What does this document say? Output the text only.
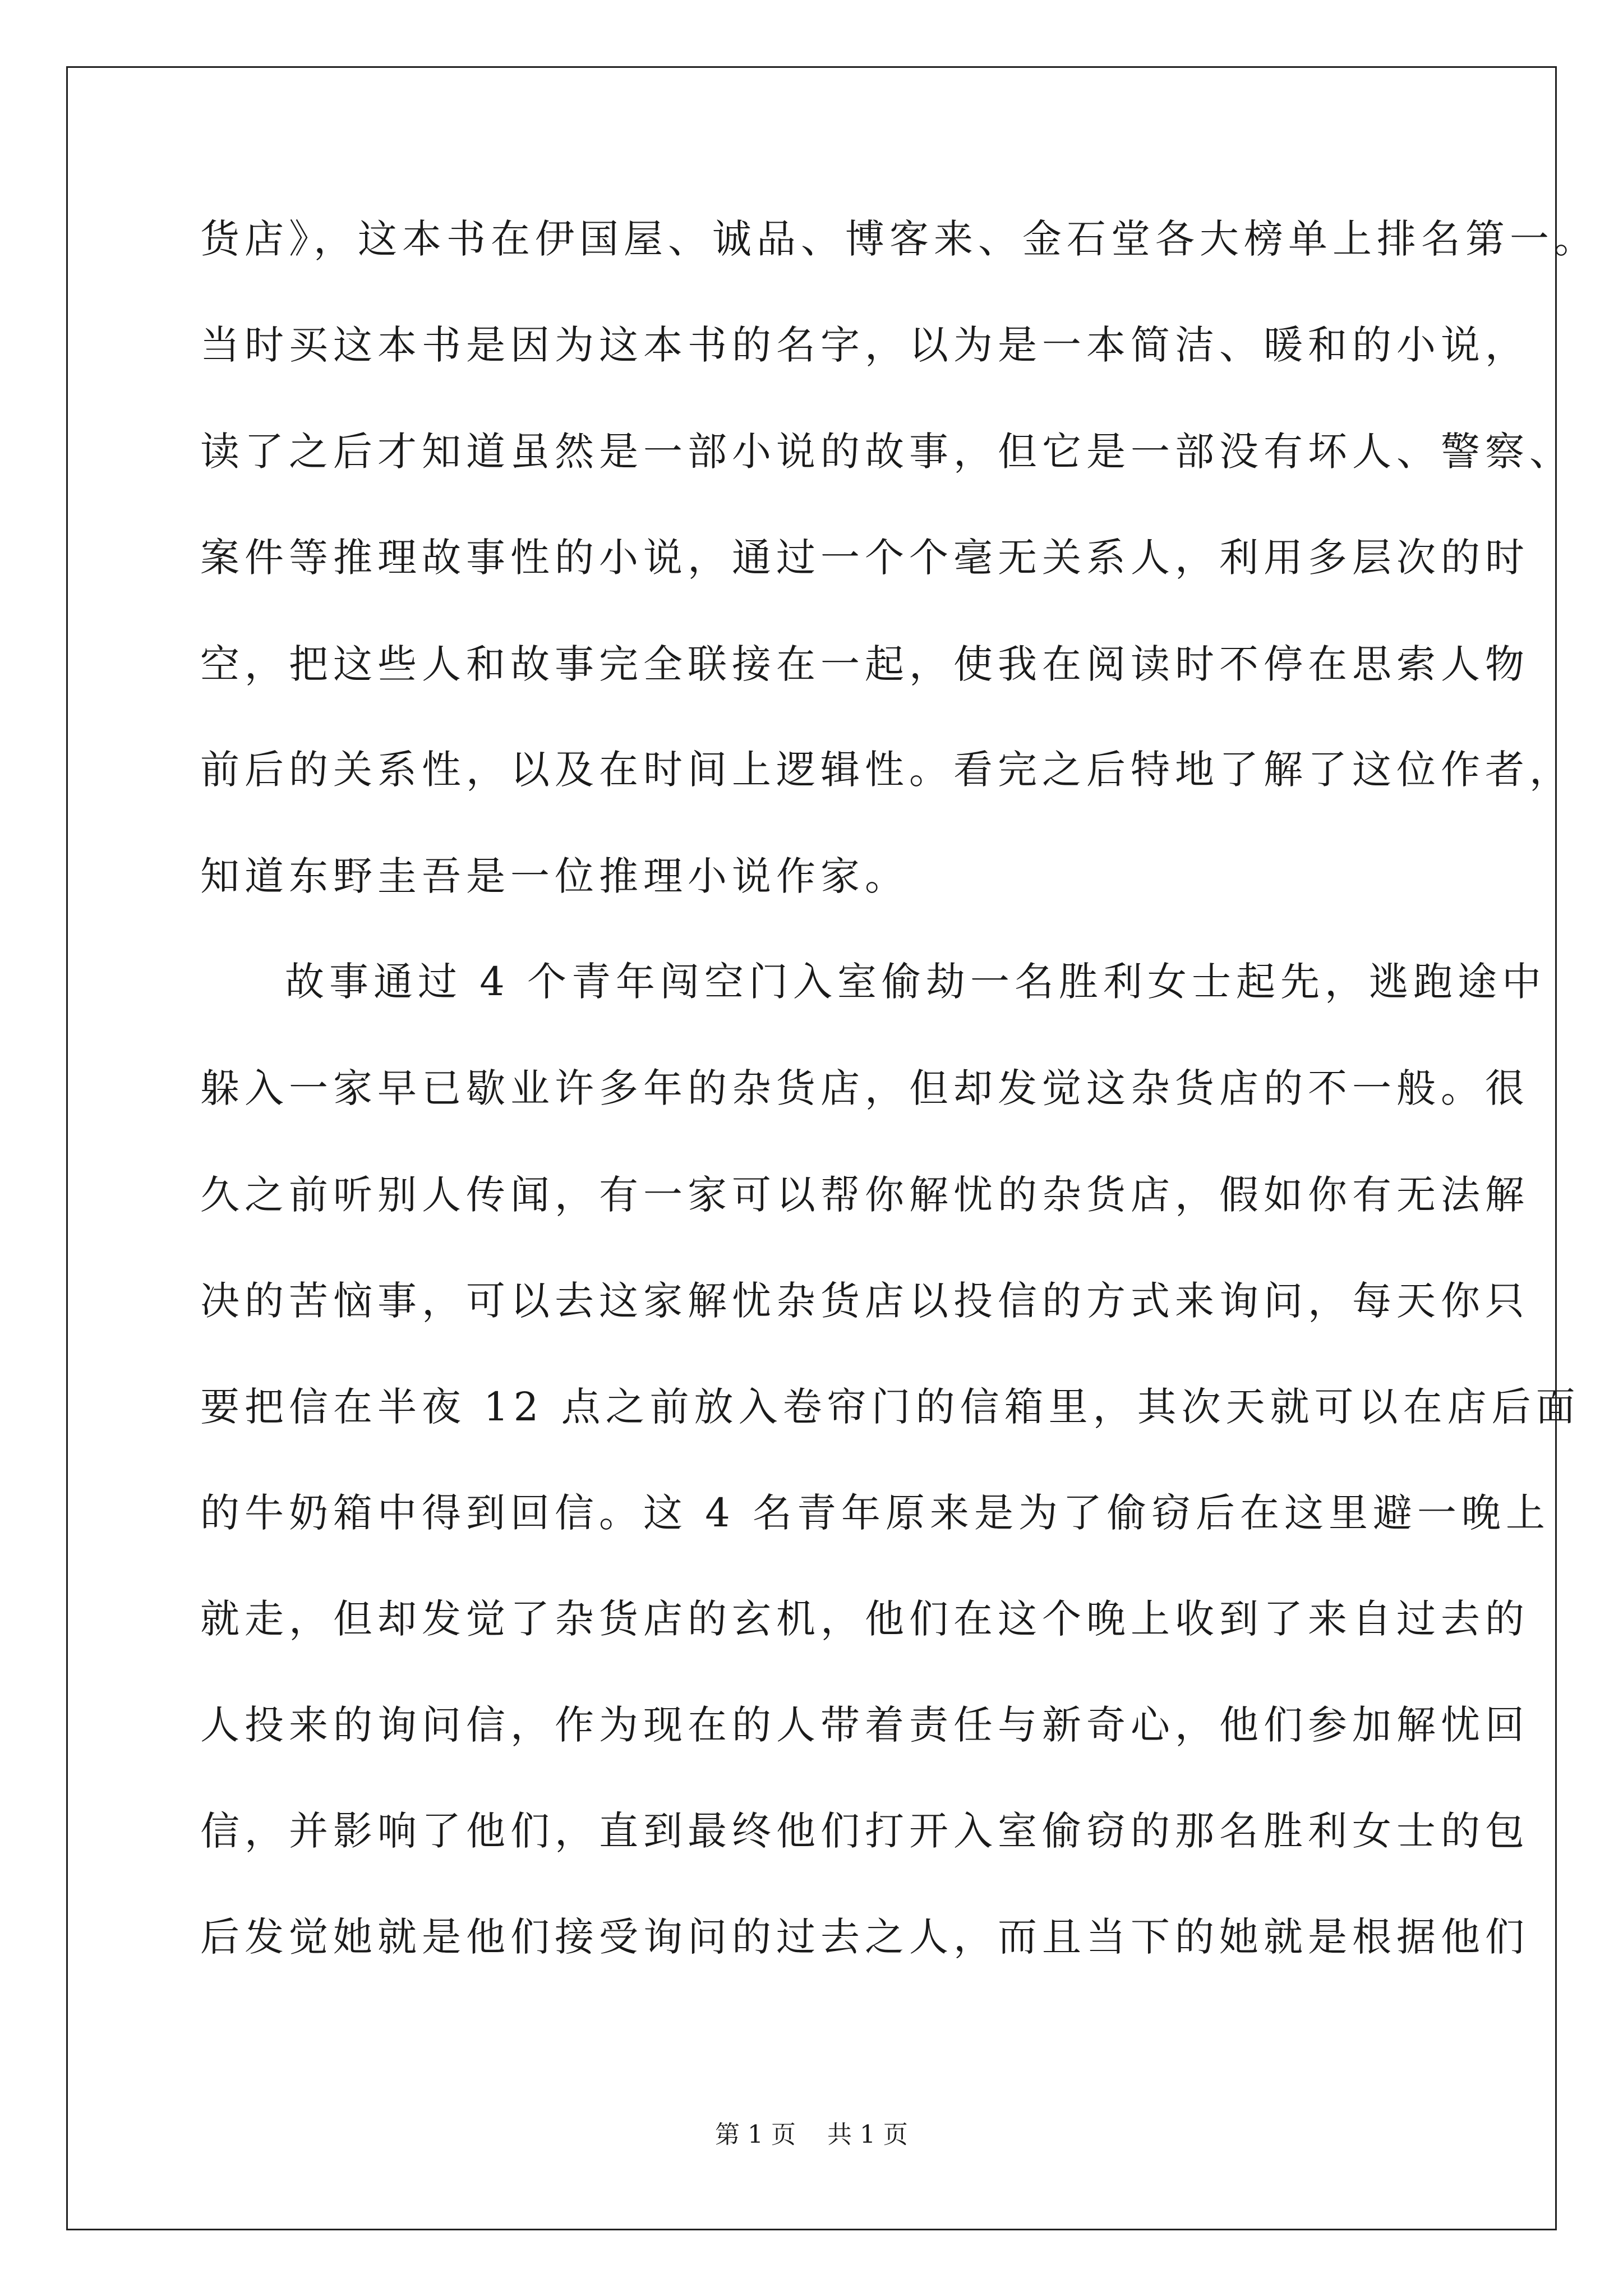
货店》，这本书在伊国屋、诚品、博客来、金石堂各大榜单上排名第一。
当时买这本书是因为这本书的名字，以为是一本简洁、暖和的小说，
读了之后才知道虽然是一部小说的故事，但它是一部没有坏人、警察、
案件等推理故事性的小说，通过一个个毫无关系人，利用多层次的时
空，把这些人和故事完全联接在一起，使我在阅读时不停在思索人物
前后的关系性，以及在时间上逻辑性。看完之后特地了解了这位作者，
知道东野圭吾是一位推理小说作家。
故事通过 4 个青年闯空门入室偷劫一名胜利女士起先，逃跑途中
躲入一家早已歇业许多年的杂货店，但却发觉这杂货店的不一般。很
久之前听别人传闻，有一家可以帮你解忧的杂货店，假如你有无法解
决的苦恼事，可以去这家解忧杂货店以投信的方式来询问，每天你只
要把信在半夜 12 点之前放入卷帘门的信箱里，其次天就可以在店后面
的牛奶箱中得到回信。这 4 名青年原来是为了偷窃后在这里避一晚上
就走，但却发觉了杂货店的玄机，他们在这个晚上收到了来自过去的
人投来的询问信，作为现在的人带着责任与新奇心，他们参加解忧回
信，并影响了他们，直到最终他们打开入室偷窃的那名胜利女士的包
后发觉她就是他们接受询问的过去之人，而且当下的她就是根据他们
第 1 页    共 1 页
